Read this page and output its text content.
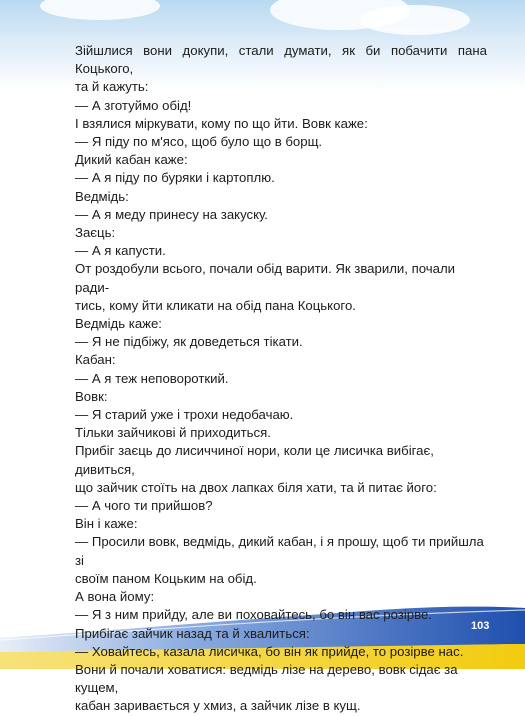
Зійшлися вони докупи, стали думати, як би побачити пана Коцького,

та й кажуть:

— А зготуймо обід!

І взялися міркувати, кому по що йти. Вовк каже:

— Я піду по м'ясо, щоб було що в борщ.

Дикий кабан каже:

— А я піду по буряки і картоплю.

Ведмідь:

— А я меду принесу на закуску.

Заєць:

— А я капусти.

От роздобули всього, почали обід варити. Як зварили, почали ради-

тись, кому йти кликати на обід пана Коцького.

Ведмідь каже:

— Я не підбіжу, як доведеться тікати.

Кабан:

— А я теж неповороткий.

Вовк:

— Я старий уже і трохи недобачаю.

Тільки зайчикові й приходиться.

Прибіг заєць до лисиччиної нори, коли це лисичка вибігає, дивиться,

що зайчик стоїть на двох лапках біля хати, та й питає його:

— А чого ти прийшов?

Він і каже:

— Просили вовк, ведмідь, дикий кабан, і я прошу, щоб ти прийшла зі

своїм паном Коцьким на обід.

А вона йому:

— Я з ним прийду, але ви поховайтесь, бо він вас розірве.

Прибігає зайчик назад та й хвалиться:

— Ховайтесь, казала лисичка, бо він як прийде, то розірве нас.

Вони й почали ховатися: ведмідь лізе на дерево, вовк сідає за кущем,

кабан заривається у хмиз, а зайчик лізе в кущ.

103
